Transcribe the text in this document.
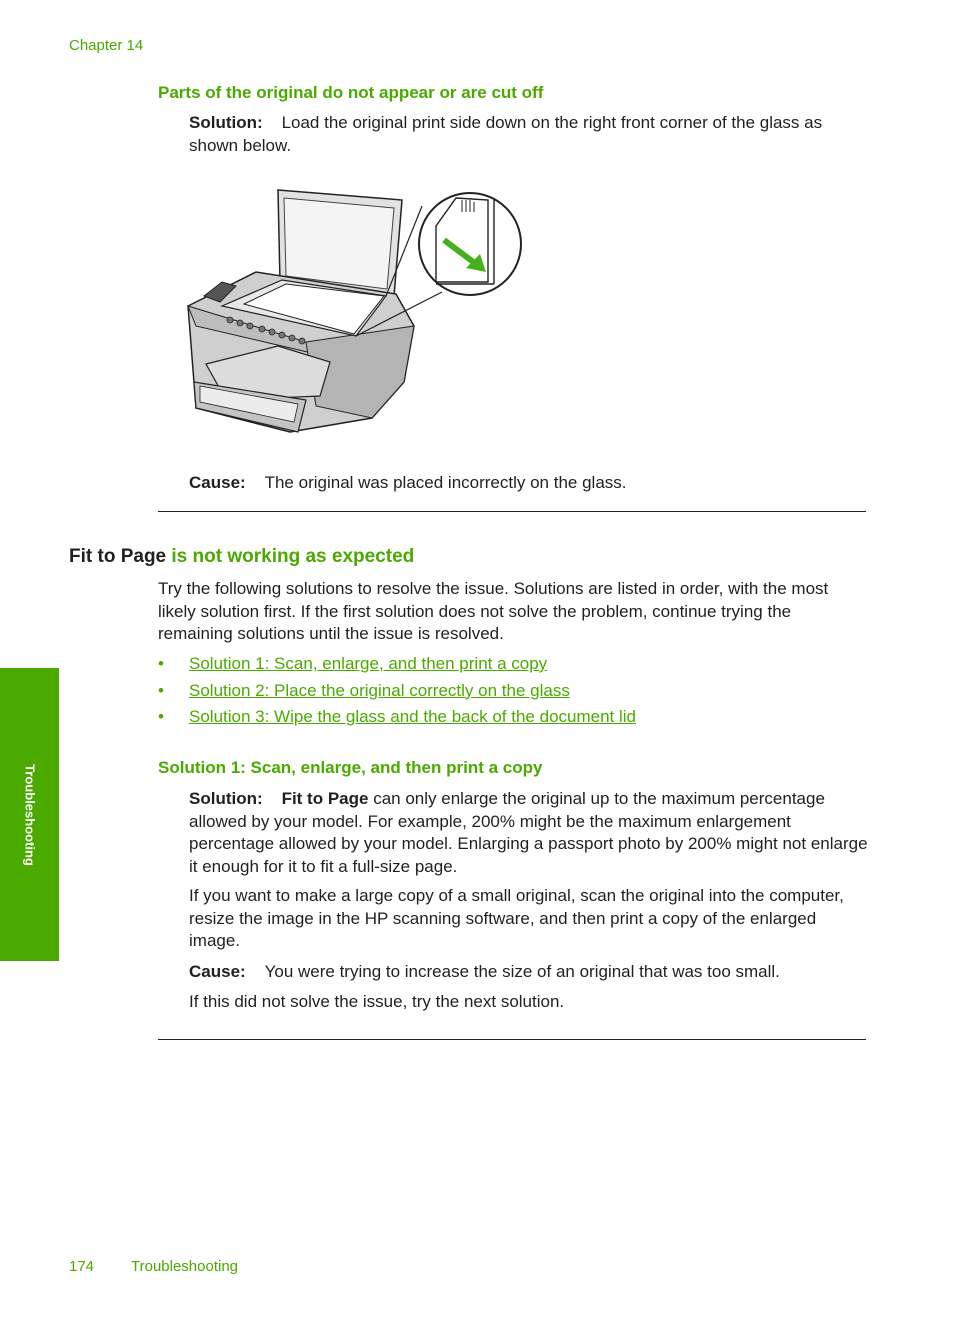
Chapter 14
Parts of the original do not appear or are cut off

Solution: Load the original print side down on the right front corner of the glass as shown below.

Cause: The original was placed incorrectly on the glass.

Fit to Page is not working as expected

Try the following solutions to resolve the issue. Solutions are listed in order, with the most likely solution first. If the first solution does not solve the problem, continue trying the remaining solutions until the issue is resolved.

• Solution 1: Scan, enlarge, and then print a copy
• Solution 2: Place the original correctly on the glass
• Solution 3: Wipe the glass and the back of the document lid
Solution 1: Scan, enlarge, and then print a copy

Solution: Fit to Page can only enlarge the original up to the maximum percentage allowed by your model. For example, 200% might be the maximum enlargement percentage allowed by your model. Enlarging a passport photo by 200% might not enlarge it enough for it to fit a full-size page.

If you want to make a large copy of a small original, scan the original into the computer, resize the image in the HP scanning software, and then print a copy of the enlarged image.

Cause: You were trying to increase the size of an original that was too small.

If this did not solve the issue, try the next solution.

Troubleshooting
174 Troubleshooting
